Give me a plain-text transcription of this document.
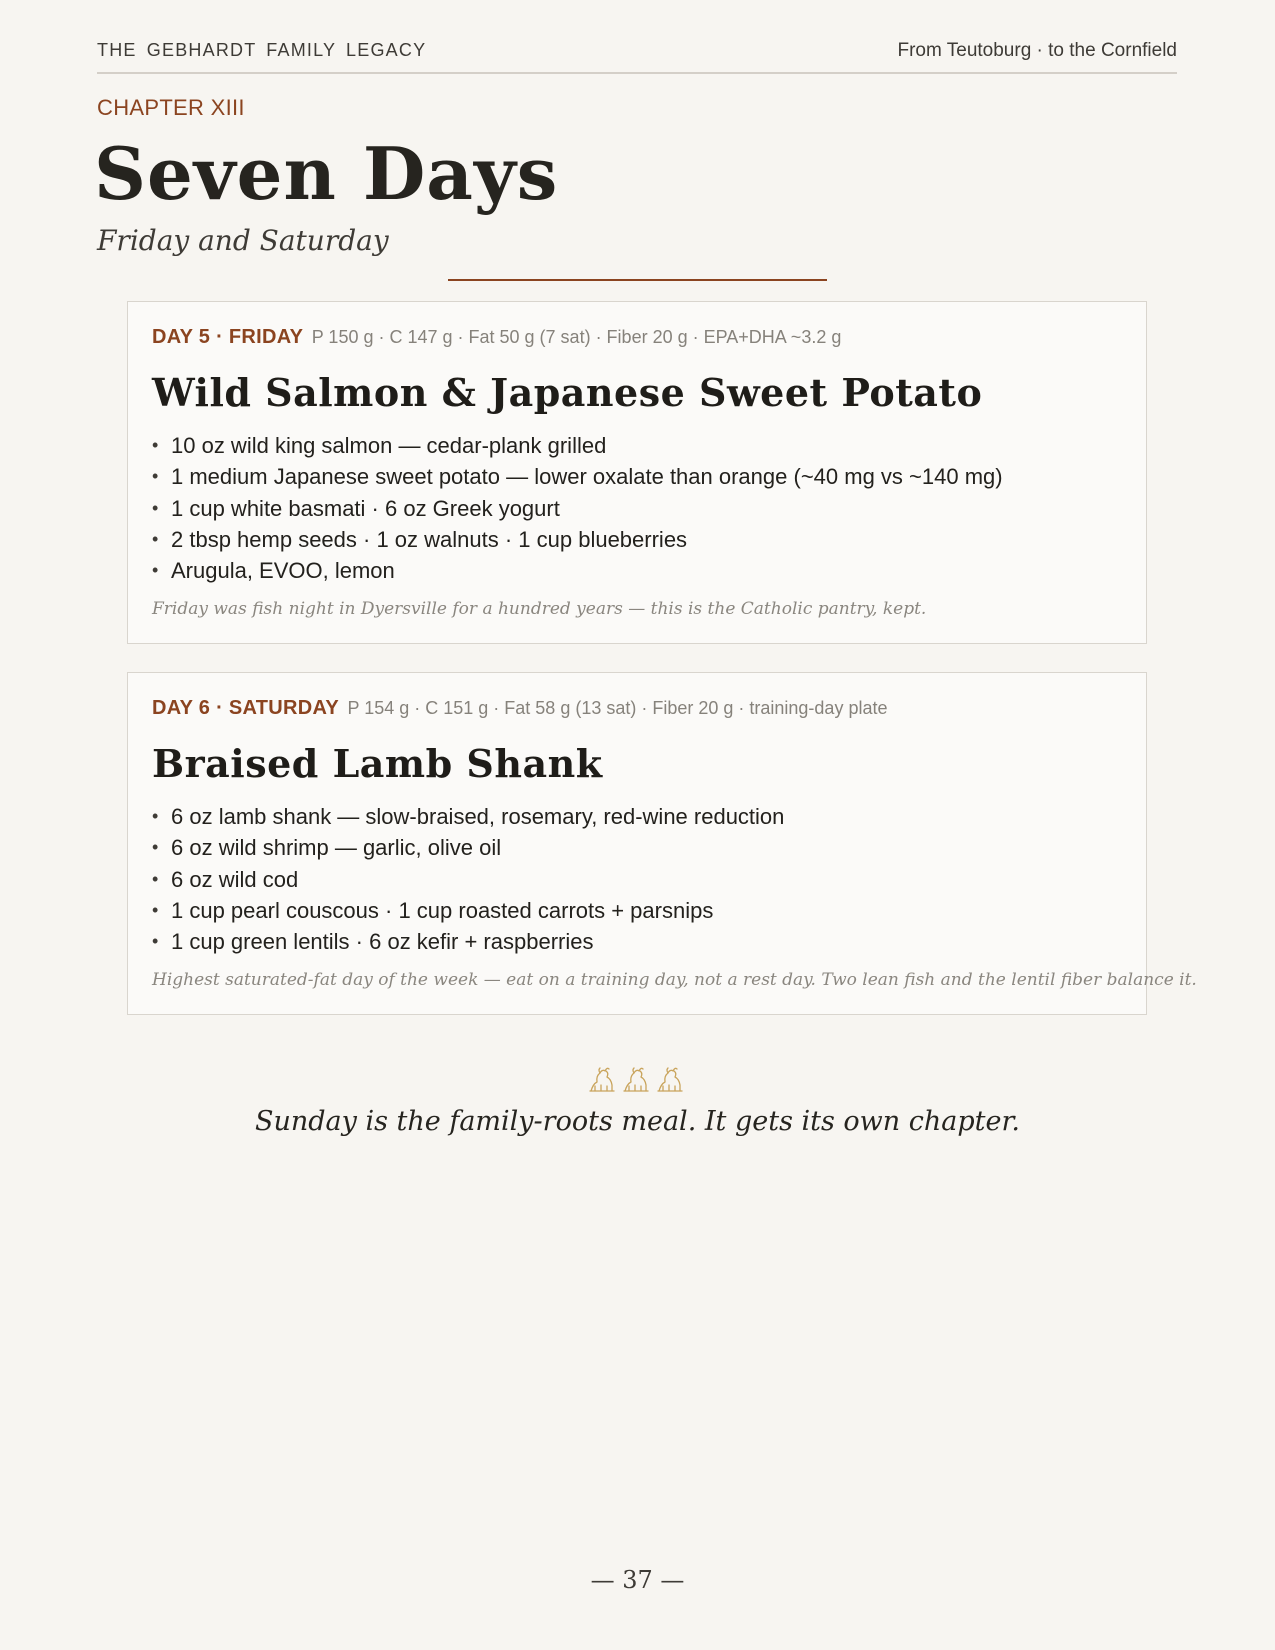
THE GEBHARDT FAMILY LEGACY	From Teutoburg · to the Cornfield
CHAPTER XIII
Seven Days
Friday and Saturday
DAY 5 · FRIDAY P 150 g · C 147 g · Fat 50 g (7 sat) · Fiber 20 g · EPA+DHA ~3.2 g
Wild Salmon & Japanese Sweet Potato
• 10 oz wild king salmon — cedar-plank grilled
• 1 medium Japanese sweet potato — lower oxalate than orange (~40 mg vs ~140 mg)
• 1 cup white basmati · 6 oz Greek yogurt
• 2 tbsp hemp seeds · 1 oz walnuts · 1 cup blueberries
• Arugula, EVOO, lemon

Friday was fish night in Dyersville for a hundred years — this is the Catholic pantry, kept.

DAY 6 · SATURDAY P 154 g · C 151 g · Fat 58 g (13 sat) · Fiber 20 g · training-day plate
Braised Lamb Shank
• 6 oz lamb shank — slow-braised, rosemary, red-wine reduction
• 6 oz wild shrimp — garlic, olive oil
• 6 oz wild cod
• 1 cup pearl couscous · 1 cup roasted carrots + parsnips
• 1 cup green lentils · 6 oz kefir + raspberries

Highest saturated-fat day of the week — eat on a training day, not a rest day. Two lean fish and the lentil fiber balance it.

Sunday is the family-roots meal. It gets its own chapter.

— 37 —
